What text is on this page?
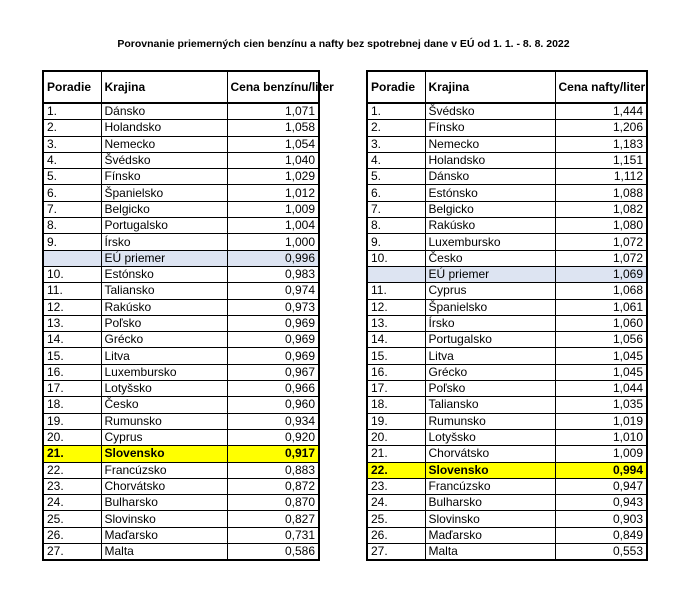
Porovnanie priemerných cien benzínu a nafty bez spotrebnej dane v EÚ od 1. 1. - 8. 8. 2022
Poradie	Krajina	Cena benzínu/liter
1.	Dánsko	1,071
2.	Holandsko	1,058
3.	Nemecko	1,054
4.	Švédsko	1,040
5.	Fínsko	1,029
6.	Španielsko	1,012
7.	Belgicko	1,009
8.	Portugalsko	1,004
9.	Írsko	1,000
	EÚ priemer	0,996
10.	Estónsko	0,983
11.	Taliansko	0,974
12.	Rakúsko	0,973
13.	Poľsko	0,969
14.	Grécko	0,969
15.	Litva	0,969
16.	Luxembursko	0,967
17.	Lotyšsko	0,966
18.	Česko	0,960
19.	Rumunsko	0,934
20.	Cyprus	0,920
21.	Slovensko	0,917
22.	Francúzsko	0,883
23.	Chorvátsko	0,872
24.	Bulharsko	0,870
25.	Slovinsko	0,827
26.	Maďarsko	0,731
27.	Malta	0,586
Poradie	Krajina	Cena nafty/liter
1.	Švédsko	1,444
2.	Fínsko	1,206
3.	Nemecko	1,183
4.	Holandsko	1,151
5.	Dánsko	1,112
6.	Estónsko	1,088
7.	Belgicko	1,082
8.	Rakúsko	1,080
9.	Luxembursko	1,072
10.	Česko	1,072
	EÚ priemer	1,069
11.	Cyprus	1,068
12.	Španielsko	1,061
13.	Írsko	1,060
14.	Portugalsko	1,056
15.	Litva	1,045
16.	Grécko	1,045
17.	Poľsko	1,044
18.	Taliansko	1,035
19.	Rumunsko	1,019
20.	Lotyšsko	1,010
21.	Chorvátsko	1,009
22.	Slovensko	0,994
23.	Francúzsko	0,947
24.	Bulharsko	0,943
25.	Slovinsko	0,903
26.	Maďarsko	0,849
27.	Malta	0,553
